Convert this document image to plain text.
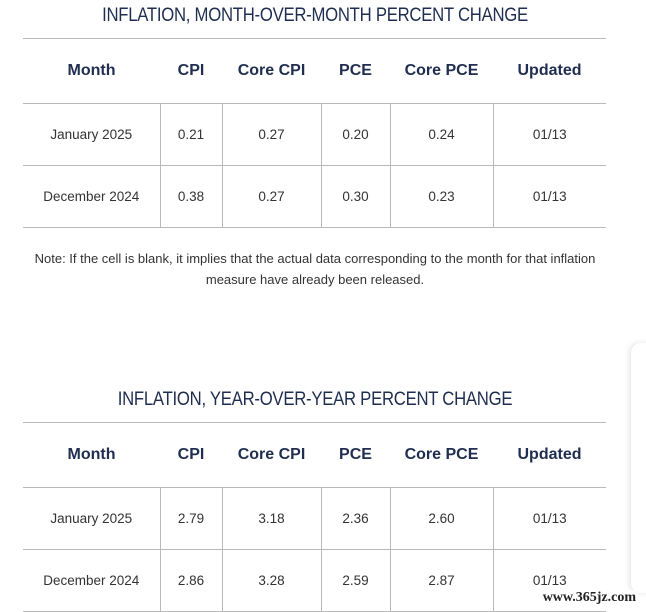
INFLATION, MONTH-OVER-MONTH PERCENT CHANGE
Month	CPI	Core CPI	PCE	Core PCE	Updated
January 2025	0.21	0.27	0.20	0.24	01/13
December 2024	0.38	0.27	0.30	0.23	01/13
Note: If the cell is blank, it implies that the actual data corresponding to the month for that inflation measure have already been released.
INFLATION, YEAR-OVER-YEAR PERCENT CHANGE
Month	CPI	Core CPI	PCE	Core PCE	Updated
January 2025	2.79	3.18	2.36	2.60	01/13
December 2024	2.86	3.28	2.59	2.87	01/13
www.365jz.com
